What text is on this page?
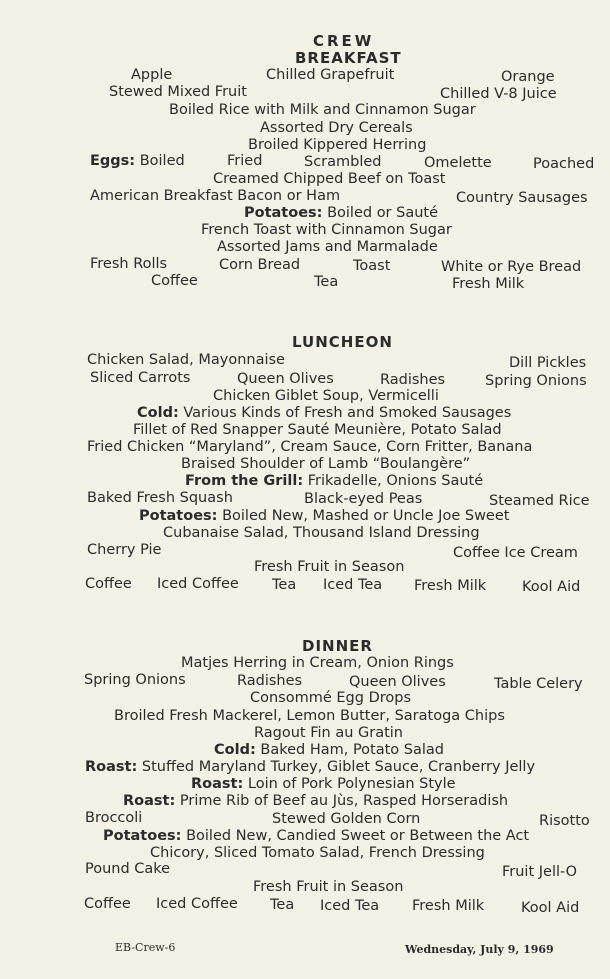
CREW
BREAKFAST
Apple	Chilled Grapefruit	Orange
Stewed Mixed Fruit	Chilled V-8 Juice
Boiled Rice with Milk and Cinnamon Sugar
Assorted Dry Cereals
Broiled Kippered Herring
Eggs: Boiled	Fried	Scrambled	Omelette	Poached
Creamed Chipped Beef on Toast
American Breakfast Bacon or Ham	Country Sausages
Potatoes: Boiled or Sauté
French Toast with Cinnamon Sugar
Assorted Jams and Marmalade
Fresh Rolls	Corn Bread	Toast	White or Rye Bread
Coffee	Tea	Fresh Milk
LUNCHEON
Chicken Salad, Mayonnaise	Dill Pickles
Sliced Carrots	Queen Olives	Radishes	Spring Onions
Chicken Giblet Soup, Vermicelli
Cold: Various Kinds of Fresh and Smoked Sausages
Fillet of Red Snapper Sauté Meunière, Potato Salad
Fried Chicken “Maryland”, Cream Sauce, Corn Fritter, Banana
Braised Shoulder of Lamb “Boulangère”
From the Grill: Frikadelle, Onions Sauté
Baked Fresh Squash	Black-eyed Peas	Steamed Rice
Potatoes: Boiled New, Mashed or Uncle Joe Sweet
Cubanaise Salad, Thousand Island Dressing
Cherry Pie	Coffee Ice Cream
Fresh Fruit in Season
Coffee Iced Coffee Tea Iced Tea Fresh Milk Kool Aid
DINNER
Matjes Herring in Cream, Onion Rings
Spring Onions	Radishes	Queen Olives	Table Celery
Consommé Egg Drops
Broiled Fresh Mackerel, Lemon Butter, Saratoga Chips
Ragout Fin au Gratin
Cold: Baked Ham, Potato Salad
Roast: Stuffed Maryland Turkey, Giblet Sauce, Cranberry Jelly
Roast: Loin of Pork Polynesian Style
Roast: Prime Rib of Beef au Jùs, Rasped Horseradish
Broccoli	Stewed Golden Corn	Risotto
Potatoes: Boiled New, Candied Sweet or Between the Act
Chicory, Sliced Tomato Salad, French Dressing
Pound Cake	Fruit Jell-O
Fresh Fruit in Season
Coffee Iced Coffee Tea Iced Tea Fresh Milk	Kool Aid
EB-Crew-6	Wednesday, July 9, 1969
